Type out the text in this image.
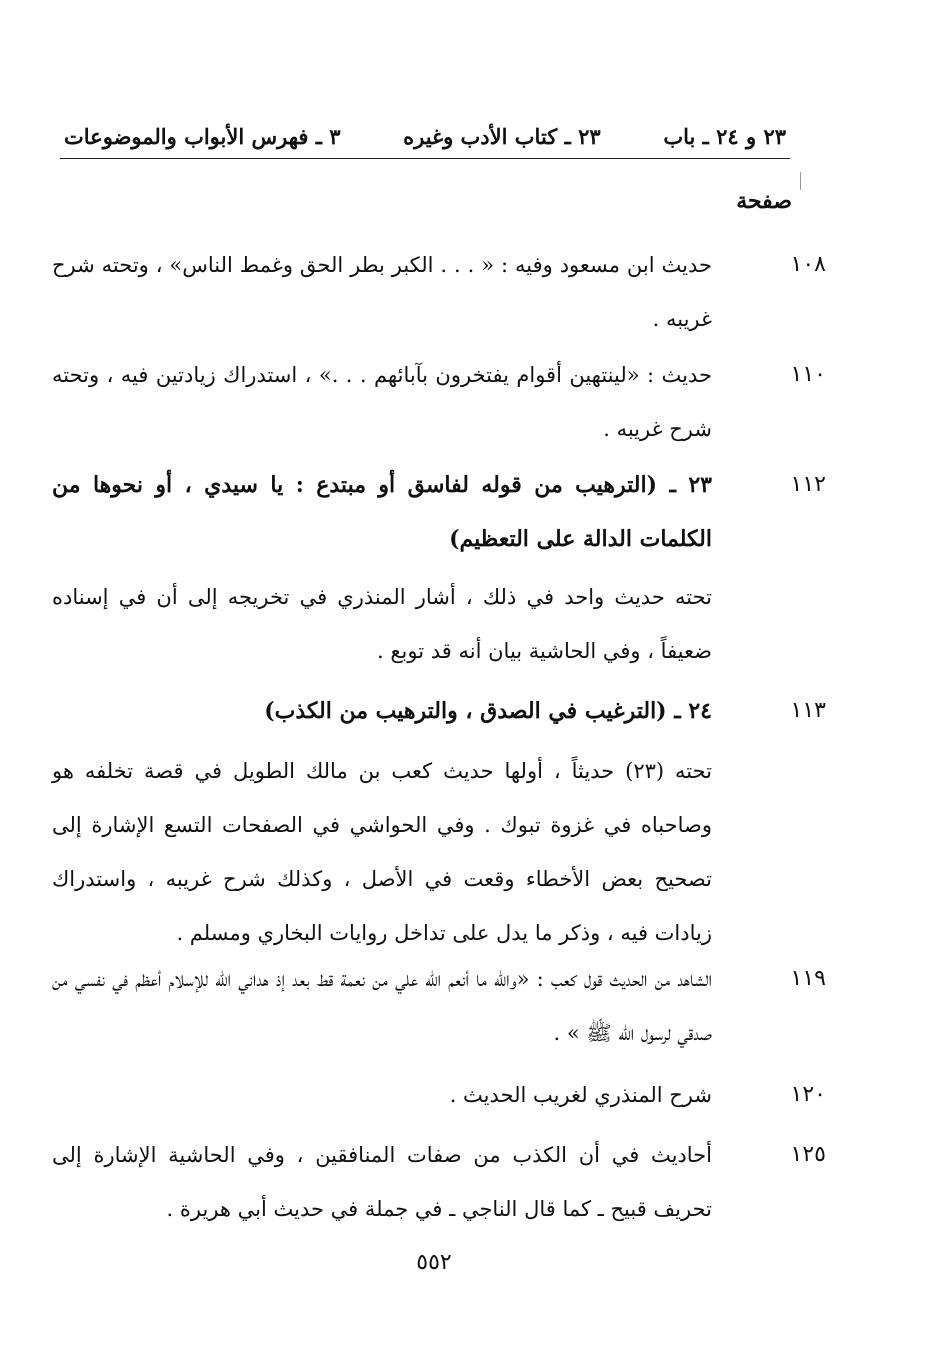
٣ ـ فهرس الأبواب والموضوعات	٢٣ ـ كتاب الأدب وغيره	٢٣ و ٢٤ ـ باب
صفحة
١٠٨
حديث ابن مسعود وفيه : « . . . الكبر بطر الحق وغمط الناس» ، وتحته شرح غريبه .
١١٠
حديث : «لينتهين أقوام يفتخرون بآبائهم . . .» ، استدراك زيادتين فيه ، وتحته شرح غريبه .
١١٢
٢٣ ـ (الترهيب من قوله لفاسق أو مبتدع : يا سيدي ، أو نحوها من الكلمات الدالة على التعظيم)
تحته حديث واحد في ذلك ، أشار المنذري في تخريجه إلى أن في إسناده ضعيفاً ، وفي الحاشية بيان أنه قد توبع .
١١٣
٢٤ ـ (الترغيب في الصدق ، والترهيب من الكذب)
تحته (٢٣) حديثاً ، أولها حديث كعب بن مالك الطويل في قصة تخلفه هو وصاحباه في غزوة تبوك . وفي الحواشي في الصفحات التسع الإشارة إلى تصحيح بعض الأخطاء وقعت في الأصل ، وكذلك شرح غريبه ، واستدراك زيادات فيه ، وذكر ما يدل على تداخل روايات البخاري ومسلم .
١١٩
الشاهد من الحديث قول كعب : «والله ما أنعم الله علي من نعمة قط بعد إذ هداني الله للإسلام أعظم في نفسي من صدقي لرسول الله ﷺ » .
١٢٠
شرح المنذري لغريب الحديث .
١٢٥
أحاديث في أن الكذب من صفات المنافقين ، وفي الحاشية الإشارة إلى تحريف قبيح ـ كما قال الناجي ـ في جملة في حديث أبي هريرة .
٥٥٢
